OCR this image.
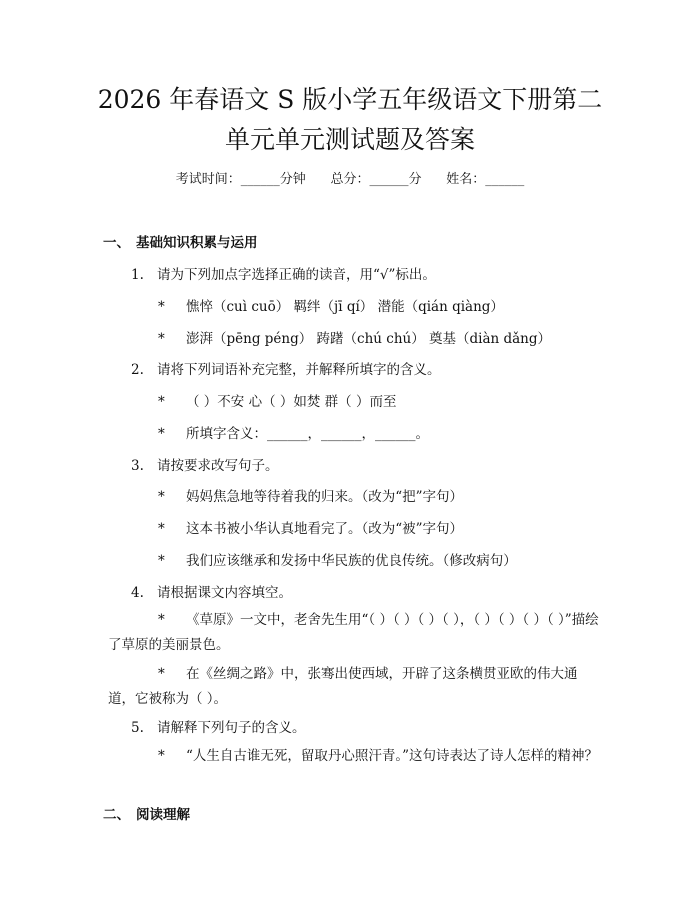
2026 年春语文 S 版小学五年级语文下册第二
单元单元测试题及答案
考试时间：______分钟      总分：______分      姓名：______
一、 基础知识积累与运用
1. 请为下列加点字选择正确的读音，用“√”标出。
* 憔悴（cuì cuō） 羁绊（jī qí） 潜能（qián qiàng）
* 澎湃（pēng péng） 踌躇（chú chú） 奠基（diàn dǎng）
2. 请将下列词语补充完整，并解释所填字的含义。
* （ ）不安 心（ ）如焚 群（ ）而至
* 所填字含义：______，______，______。
3. 请按要求改写句子。
* 妈妈焦急地等待着我的归来。（改为“把”字句）
* 这本书被小华认真地看完了。（改为“被”字句）
* 我们应该继承和发扬中华民族的优良传统。（修改病句）
4. 请根据课文内容填空。

* 《草原》一文中，老舍先生用“（ ）（ ）（ ）（ ），（ ）（ ）（ ）（ ）”描绘了草原的美丽景色。

* 在《丝绸之路》中，张骞出使西域，开辟了这条横贯亚欧的伟大通道，它被称为（ ）。

5. 请解释下列句子的含义。

* “人生自古谁无死，留取丹心照汗青。”这句诗表达了诗人怎样的精神？

二、 阅读理解
